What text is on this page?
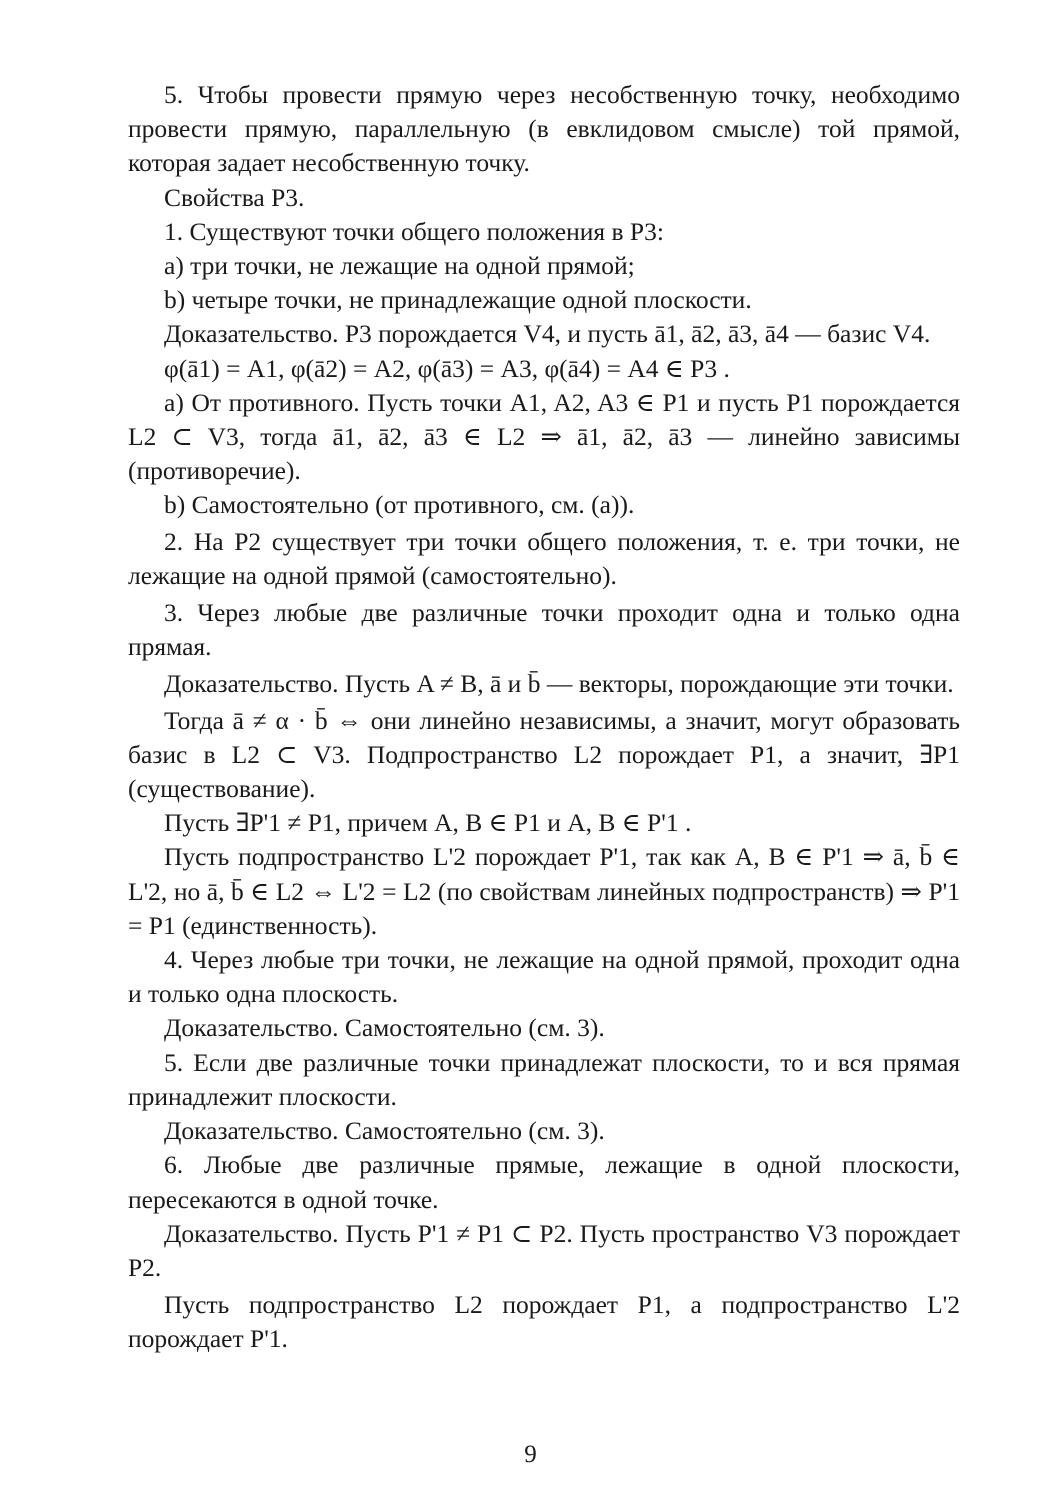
5. Чтобы провести прямую через несобственную точку, необходимо провести прямую, параллельную (в евклидовом смысле) той прямой, которая задает несобственную точку.

Свойства P3.

1. Существуют точки общего положения в P3:

a) три точки, не лежащие на одной прямой;

b) четыре точки, не принадлежащие одной плоскости.

Доказательство. P3 порождается V4, и пусть ā1, ā2, ā3, ā4 — базис V4.

φ(ā1) = A1, φ(ā2) = A2, φ(ā3) = A3, φ(ā4) = A4 ∈ P3 .

a) От противного. Пусть точки A1, A2, A3 ∈ P1 и пусть P1 порождается L2 ⊂ V3, тогда ā1, ā2, ā3 ∈ L2 ⇒ ā1, ā2, ā3 — линейно зависимы (противоречие).

b) Самостоятельно (от противного, см. (a)).

2. На P2 существует три точки общего положения, т. е. три точки, не лежащие на одной прямой (самостоятельно).

3. Через любые две различные точки проходит одна и только одна прямая.

Доказательство. Пусть A ≠ B, ā и b̄ — векторы, порождающие эти точки.

Тогда ā ≠ α · b̄ ⇔ они линейно независимы, а значит, могут образовать базис в L2 ⊂ V3. Подпространство L2 порождает P1, а значит, ∃P1 (существование).

Пусть ∃P'1 ≠ P1, причем A, B ∈ P1 и A, B ∈ P'1 .

Пусть подпространство L'2 порождает P'1, так как A, B ∈ P'1 ⇒ ā, b̄ ∈ L'2, но ā, b̄ ∈ L2 ⇔ L'2 = L2 (по свойствам линейных подпространств) ⇒ P'1 = P1 (единственность).

4. Через любые три точки, не лежащие на одной прямой, проходит одна и только одна плоскость.

Доказательство. Самостоятельно (см. 3).

5. Если две различные точки принадлежат плоскости, то и вся прямая принадлежит плоскости.

Доказательство. Самостоятельно (см. 3).

6. Любые две различные прямые, лежащие в одной плоскости, пересекаются в одной точке.

Доказательство. Пусть P'1 ≠ P1 ⊂ P2. Пусть пространство V3 порождает P2.

Пусть подпространство L2 порождает P1, а подпространство L'2 порождает P'1.

9
